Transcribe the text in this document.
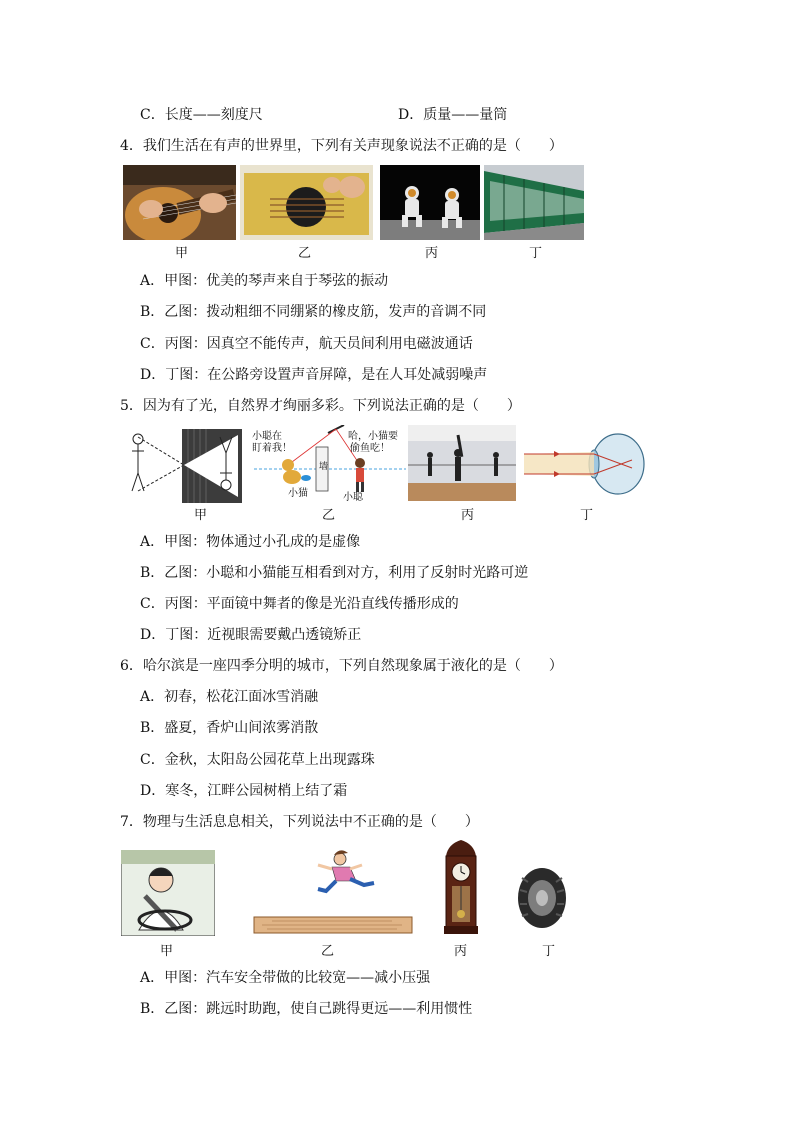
C．长度——刻度尺	D．质量——量筒
4．我们生活在有声的世界里，下列有关声现象说法不正确的是（　　）
甲	乙	丙	丁
A．甲图：优美的琴声来自于琴弦的振动
B．乙图：拨动粗细不同绷紧的橡皮筋，发声的音调不同
C．丙图：因真空不能传声，航天员间利用电磁波通话
D．丁图：在公路旁设置声音屏障，是在人耳处减弱噪声
5．因为有了光，自然界才绚丽多彩。下列说法正确的是（　　）
小聪在
盯着我！
哈，小猫要
偷鱼吃！
墙
小猫	小聪
甲	乙	丙	丁
A．甲图：物体通过小孔成的是虚像
B．乙图：小聪和小猫能互相看到对方，利用了反射时光路可逆
C．丙图：平面镜中舞者的像是光沿直线传播形成的
D．丁图：近视眼需要戴凸透镜矫正
6．哈尔滨是一座四季分明的城市，下列自然现象属于液化的是（　　）
A．初春，松花江面冰雪消融
B．盛夏，香炉山间浓雾消散
C．金秋，太阳岛公园花草上出现露珠
D．寒冬，江畔公园树梢上结了霜
7．物理与生活息息相关，下列说法中不正确的是（　　）
甲	乙	丙	丁
A．甲图：汽车安全带做的比较宽——减小压强
B．乙图：跳远时助跑，使自己跳得更远——利用惯性
